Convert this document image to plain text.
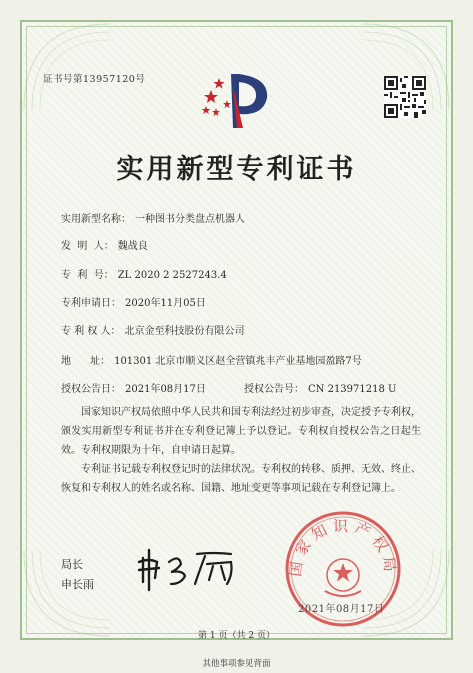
证书号第13957120号
实用新型专利证书
实用新型名称： 一种图书分类盘点机器人
发  明  人： 魏战良
专  利  号： ZL 2020 2 2527243.4
专利申请日： 2020年11月05日
专 利 权 人： 北京金至科技股份有限公司
地      址： 101301 北京市顺义区赵全营镇兆丰产业基地园盈路7号
授权公告日： 2021年08月17日	授权公告号： CN 213971218 U
国家知识产权局依照中华人民共和国专利法经过初步审查，决定授予专利权，颁发实用新型专利证书并在专利登记簿上予以登记。专利权自授权公告之日起生效。专利权期限为十年，自申请日起算。
专利证书记载专利权登记时的法律状况。专利权的转移、质押、无效、终止、恢复和专利权人的姓名或名称、国籍、地址变更等事项记载在专利登记簿上。
局长
申长雨
国家知识产权局
2021年08月17日
第 1 页（共 2 页）
其他事项参见背面
